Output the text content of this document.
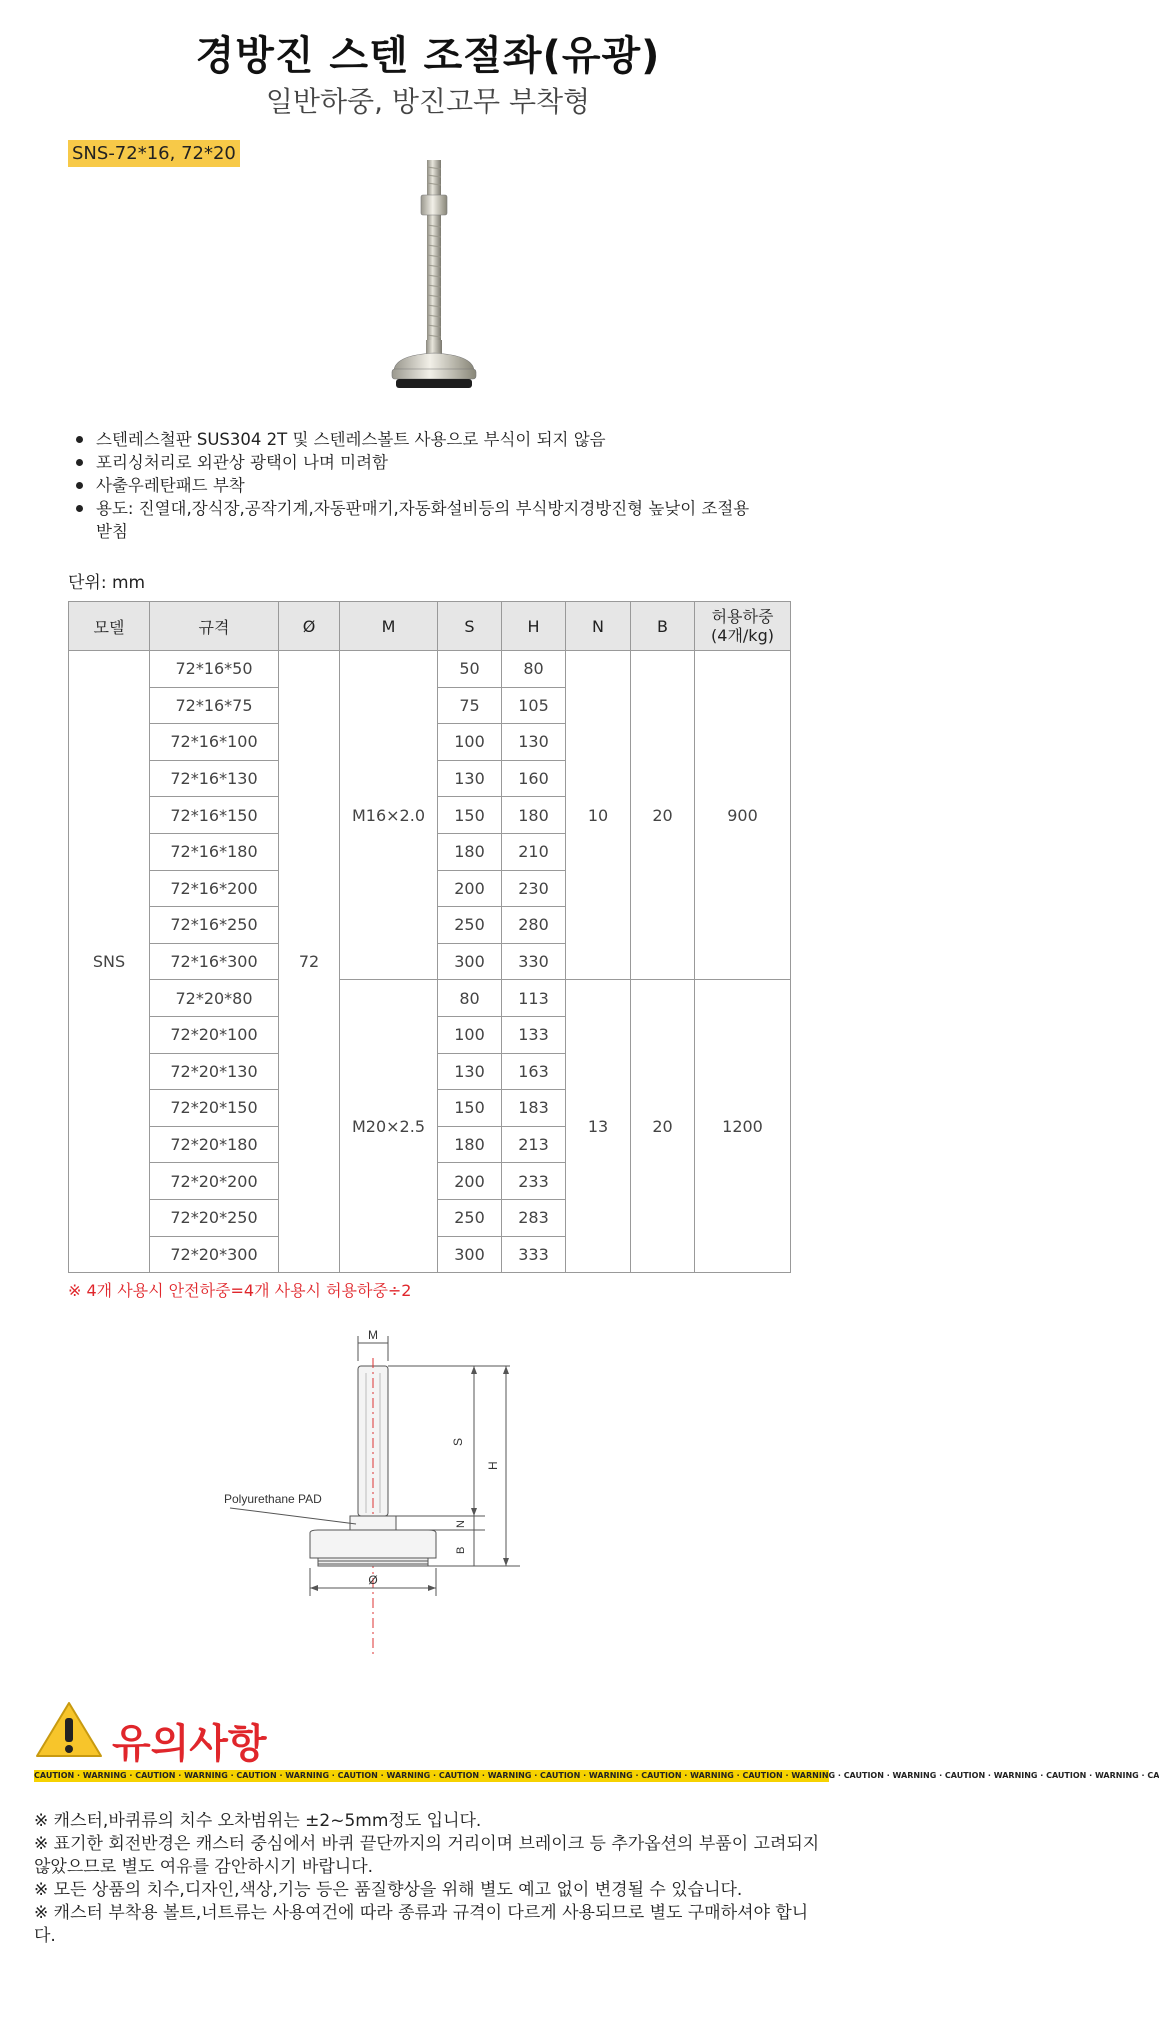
경방진 스텐 조절좌(유광)
일반하중, 방진고무 부착형
SNS-72*16, 72*20
스텐레스철판 SUS304 2T 및 스텐레스볼트 사용으로 부식이 되지 않음
포리싱처리로 외관상 광택이 나며 미려함
사출우레탄패드 부착
용도: 진열대,장식장,공작기계,자동판매기,자동화설비등의 부식방지경방진형 높낮이 조절용 받침
단위: mm
모델	규격	Ø	M	S	H	N	B	허용하중
(4개/kg)
SNS	72*16*50	72	M16×2.0	50	80	10	20	900
	72*16*75			75	105			
	72*16*100			100	130			
	72*16*130			130	160			
	72*16*150			150	180			
	72*16*180			180	210			
	72*16*200			200	230			
	72*16*250			250	280			
	72*16*300			300	330			
	72*20*80		M20×2.5	80	113	13	20	1200
	72*20*100			100	133			
	72*20*130			130	163			
	72*20*150			150	183			
	72*20*180			180	213			
	72*20*200			200	233			
	72*20*250			250	283			
	72*20*300			300	333			
※ 4개 사용시 안전하중=4개 사용시 허용하중÷2
M
S
H
N
B
Ø
Polyurethane PAD
유의사항
CAUTION · WARNING · CAUTION · WARNING · CAUTION · WARNING · CAUTION · WARNING · CAUTION · WARNING · CAUTION · WARNING · CAUTION · WARNING · CAUTION · WARNING · CAUTION · WARNING · CAUTION · WARNING · CAUTION · WARNING · CA

※ 캐스터,바퀴류의 치수 오차범위는 ±2~5mm정도 입니다.

※ 표기한 회전반경은 캐스터 중심에서 바퀴 끝단까지의 거리이며 브레이크 등 추가옵션의 부품이 고려되지 않았으므로 별도 여유를 감안하시기 바랍니다.

※ 모든 상품의 치수,디자인,색상,기능 등은 품질향상을 위해 별도 예고 없이 변경될 수 있습니다.

※ 캐스터 부착용 볼트,너트류는 사용여건에 따라 종류과 규격이 다르게 사용되므로 별도 구매하셔야 합니다.
